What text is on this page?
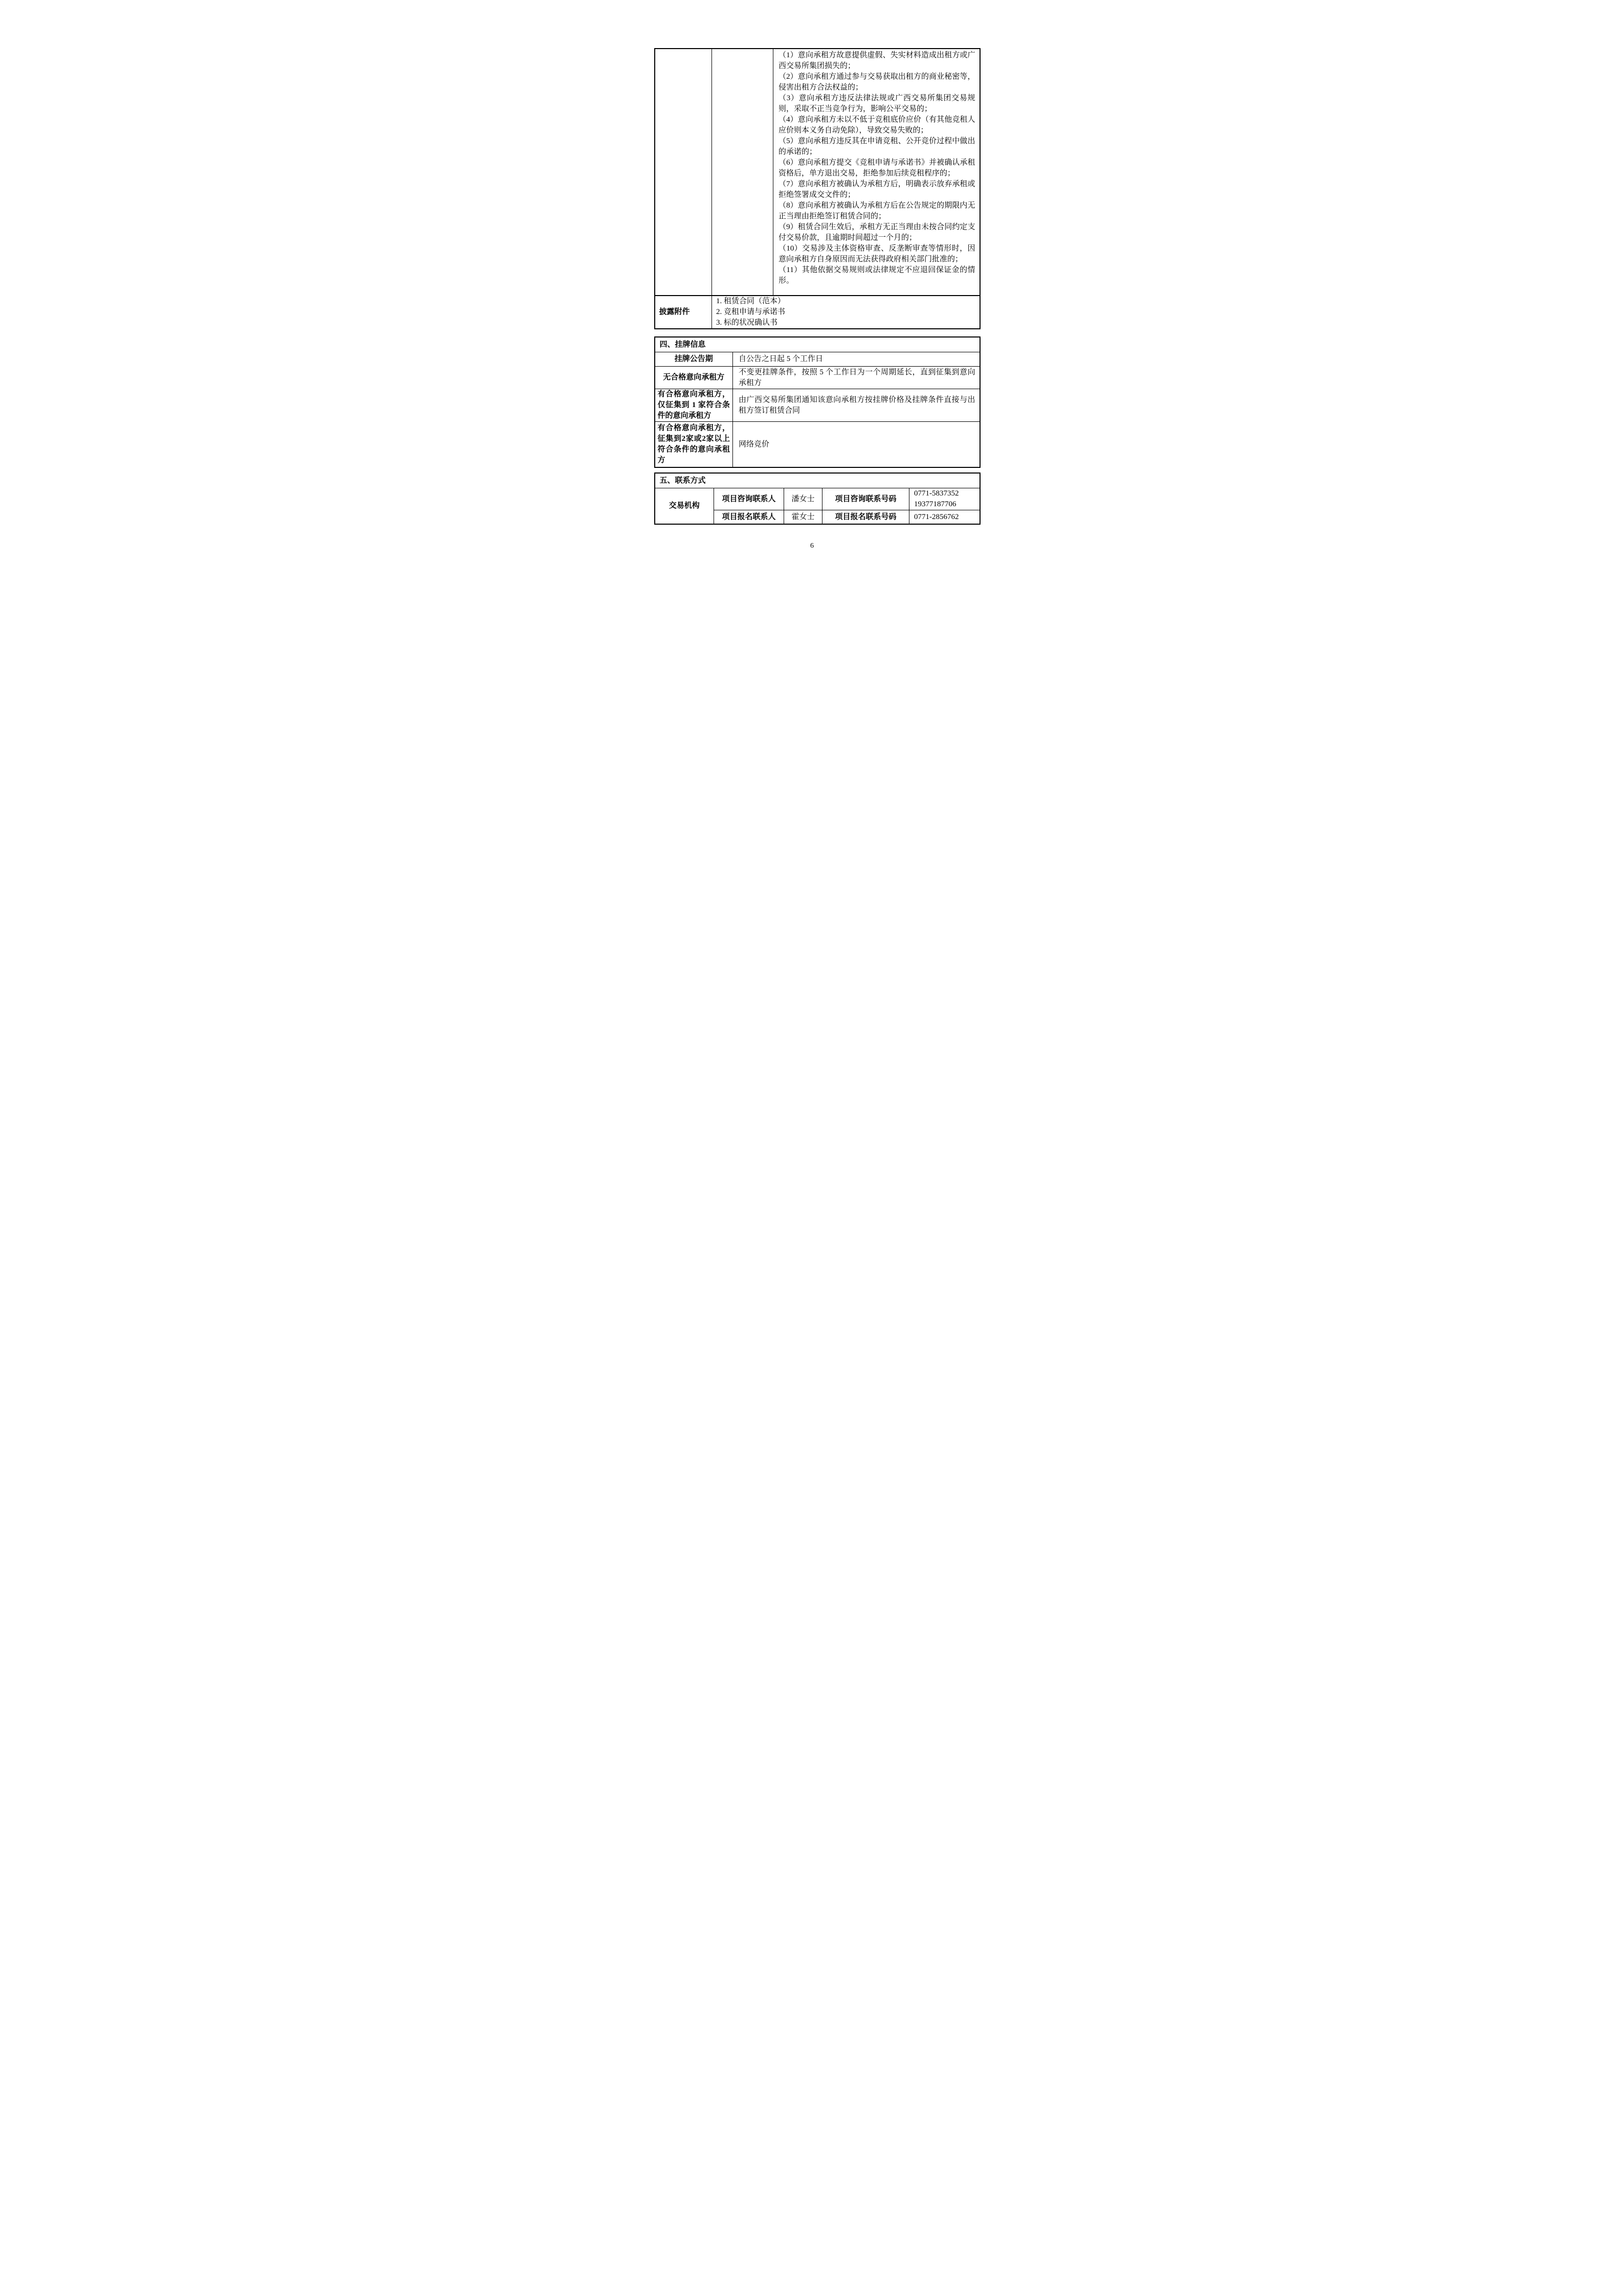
（1）意向承租方故意提供虚假、失实材料造成出租方或广西交易所集团损失的；

（2）意向承租方通过参与交易获取出租方的商业秘密等，侵害出租方合法权益的；

（3）意向承租方违反法律法规或广西交易所集团交易规则，采取不正当竞争行为，影响公平交易的；

（4）意向承租方未以不低于竞租底价应价（有其他竞租人应价则本义务自动免除），导致交易失败的；

（5）意向承租方违反其在申请竞租、公开竞价过程中做出的承诺的；

（6）意向承租方提交《竞租申请与承诺书》并被确认承租资格后，单方退出交易，拒绝参加后续竞租程序的；

（7）意向承租方被确认为承租方后，明确表示放弃承租或拒绝签署成交文件的；

（8）意向承租方被确认为承租方后在公告规定的期限内无正当理由拒绝签订租赁合同的；

（9）租赁合同生效后，承租方无正当理由未按合同约定支付交易价款，且逾期时间超过一个月的；

（10）交易涉及主体资格审查、反垄断审查等情形时，因意向承租方自身原因而无法获得政府相关部门批准的；

（11）其他依据交易规则或法律规定不应退回保证金的情形。

披露附件	1. 租赁合同（范本）
2. 竞租申请与承诺书
3. 标的状况确认书	
四、挂牌信息	
挂牌公告期	自公告之日起 5 个工作日
无合格意向承租方	不变更挂牌条件，按照 5 个工作日为一个周期延长，直到征集到意向承租方
有合格意向承租方，仅征集到 1 家符合条件的意向承租方	由广西交易所集团通知该意向承租方按挂牌价格及挂牌条件直接与出租方签订租赁合同
有合格意向承租方，征集到2家或2家以上符合条件的意向承租方	网络竞价
五、联系方式				
交易机构	项目咨询联系人	潘女士	项目咨询联系号码	0771-5837352
19377187706

	项目报名联系人	霍女士	项目报名联系号码	0771-2856762
6
